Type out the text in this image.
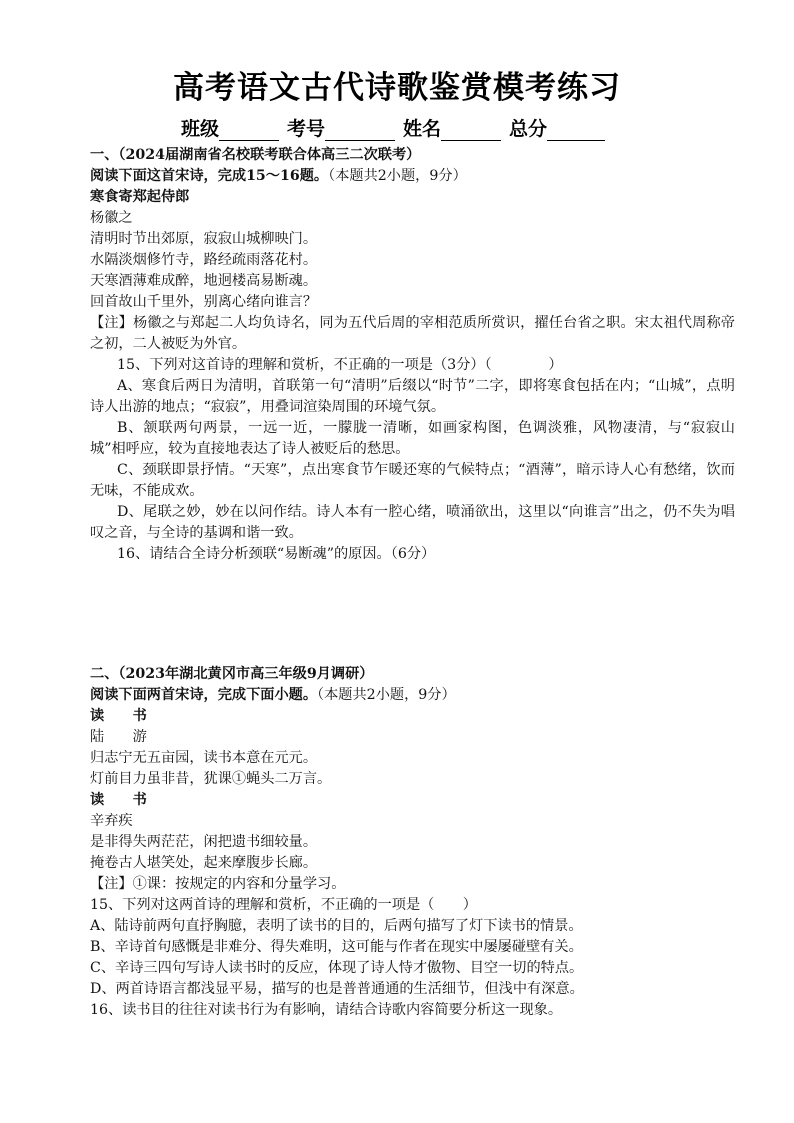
高考语文古代诗歌鉴赏模考练习
班级	考号	姓名	总分
一、（2024届湖南省名校联考联合体高三二次联考）
阅读下面这首宋诗，完成15～16题。（本题共2小题，9分）
寒食寄郑起侍郎
杨徽之
清明时节出郊原，寂寂山城柳映门。
水隔淡烟修竹寺，路经疏雨落花村。
天寒酒薄难成醉，地迥楼高易断魂。
回首故山千里外，别离心绪向谁言？
【注】杨徽之与郑起二人均负诗名，同为五代后周的宰相范质所赏识，擢任台省之职。宋太祖代周称帝之初，二人被贬为外官。
15、下列对这首诗的理解和赏析，不正确的一项是（3分）（　　　　）
A、寒食后两日为清明，首联第一句“清明”后缀以“时节”二字，即将寒食包括在内；“山城”，点明诗人出游的地点；“寂寂”，用叠词渲染周围的环境气氛。
B、颔联两句两景，一远一近，一朦胧一清晰，如画家构图，色调淡雅，风物凄清，与“寂寂山城”相呼应，较为直接地表达了诗人被贬后的愁思。
C、颈联即景抒情。“天寒”，点出寒食节乍暖还寒的气候特点；“酒薄”，暗示诗人心有愁绪，饮而无味，不能成欢。
D、尾联之妙，妙在以问作结。诗人本有一腔心绪，喷涌欲出，这里以“向谁言”出之，仍不失为唱叹之音，与全诗的基调和谐一致。
16、请结合全诗分析颈联“易断魂”的原因。（6分）
二、（2023年湖北黄冈市高三年级9月调研）
阅读下面两首宋诗，完成下面小题。（本题共2小题，9分）
读　　书
陆　　游
归志宁无五亩园，读书本意在元元。
灯前目力虽非昔，犹课①蝇头二万言。
读　　书
辛弃疾
是非得失两茫茫，闲把遗书细较量。
掩卷古人堪笑处，起来摩腹步长廊。
【注】①课：按规定的内容和分量学习。
15、下列对这两首诗的理解和赏析，不正确的一项是（　　）
A、陆诗前两句直抒胸臆，表明了读书的目的，后两句描写了灯下读书的情景。
B、辛诗首句感慨是非难分、得失难明，这可能与作者在现实中屡屡碰壁有关。
C、辛诗三四句写诗人读书时的反应，体现了诗人恃才傲物、目空一切的特点。
D、两首诗语言都浅显平易，描写的也是普普通通的生活细节，但浅中有深意。
16、读书目的往往对读书行为有影响，请结合诗歌内容简要分析这一现象。
